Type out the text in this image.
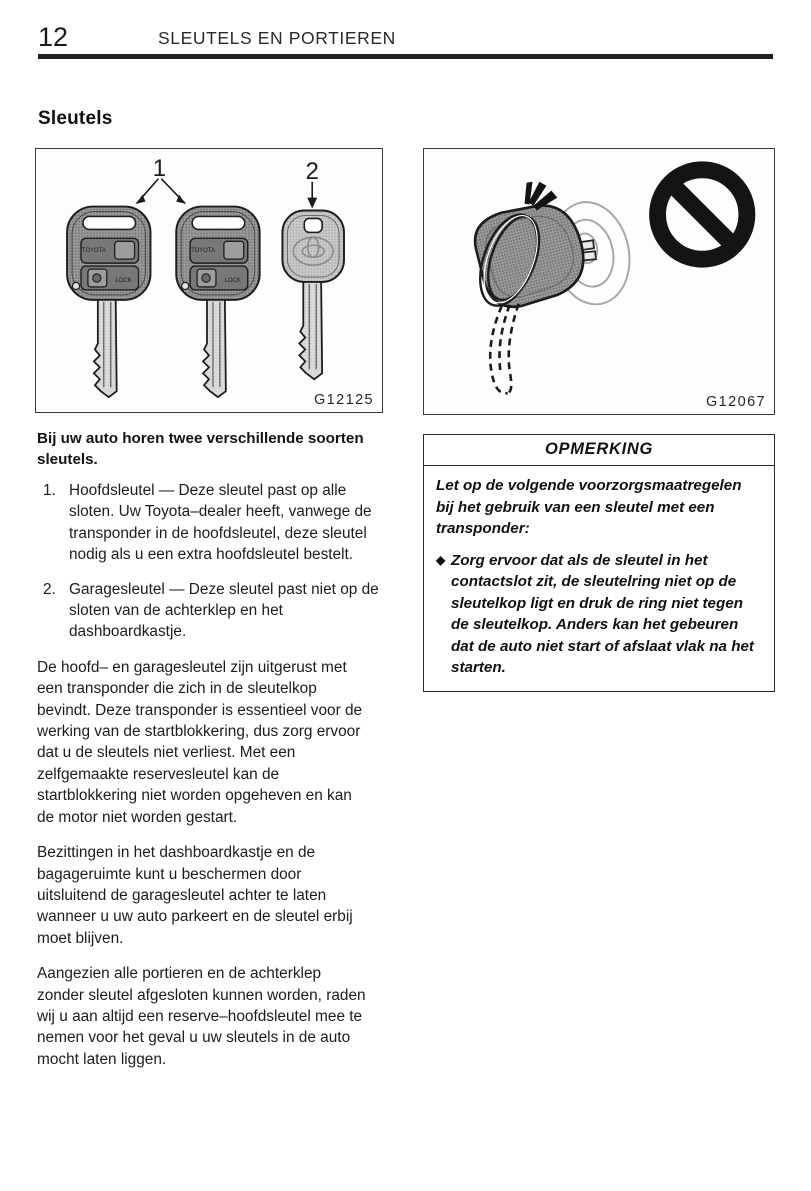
12	SLEUTELS EN PORTIEREN
Sleutels
TOYOTA
LOCK
TOYOTA
LOCK
1	2
G12125

Bij uw auto horen twee verschillende soorten sleutels.

1. Hoofdsleutel — Deze sleutel past op alle sloten. Uw Toyota–dealer heeft, vanwege de transponder in de hoofdsleutel, deze sleutel nodig als u een extra hoofdsleutel bestelt.
2. Garagesleutel — Deze sleutel past niet op de sloten van de achterklep en het dashboardkastje.

De hoofd– en garagesleutel zijn uitgerust met een transponder die zich in de sleutelkop bevindt. Deze transponder is essentieel voor de werking van de startblokkering, dus zorg ervoor dat u de sleutels niet verliest. Met een zelfgemaakte reservesleutel kan de startblokkering niet worden opgeheven en kan de motor niet worden gestart.

Bezittingen in het dashboardkastje en de bagageruimte kunt u beschermen door uitsluitend de garagesleutel achter te laten wanneer u uw auto parkeert en de sleutel erbij moet blijven.

Aangezien alle portieren en de achterklep zonder sleutel afgesloten kunnen worden, raden wij u aan altijd een reserve–hoofdsleutel mee te nemen voor het geval u uw sleutels in de auto mocht laten liggen.

G12067
OPMERKING

Let op de volgende voorzorgsmaatregelen bij het gebruik van een sleutel met een transponder:

◆ Zorg ervoor dat als de sleutel in het contactslot zit, de sleutelring niet op de sleutelkop ligt en druk de ring niet tegen de sleutelkop. Anders kan het gebeuren dat de auto niet start of afslaat vlak na het starten.
